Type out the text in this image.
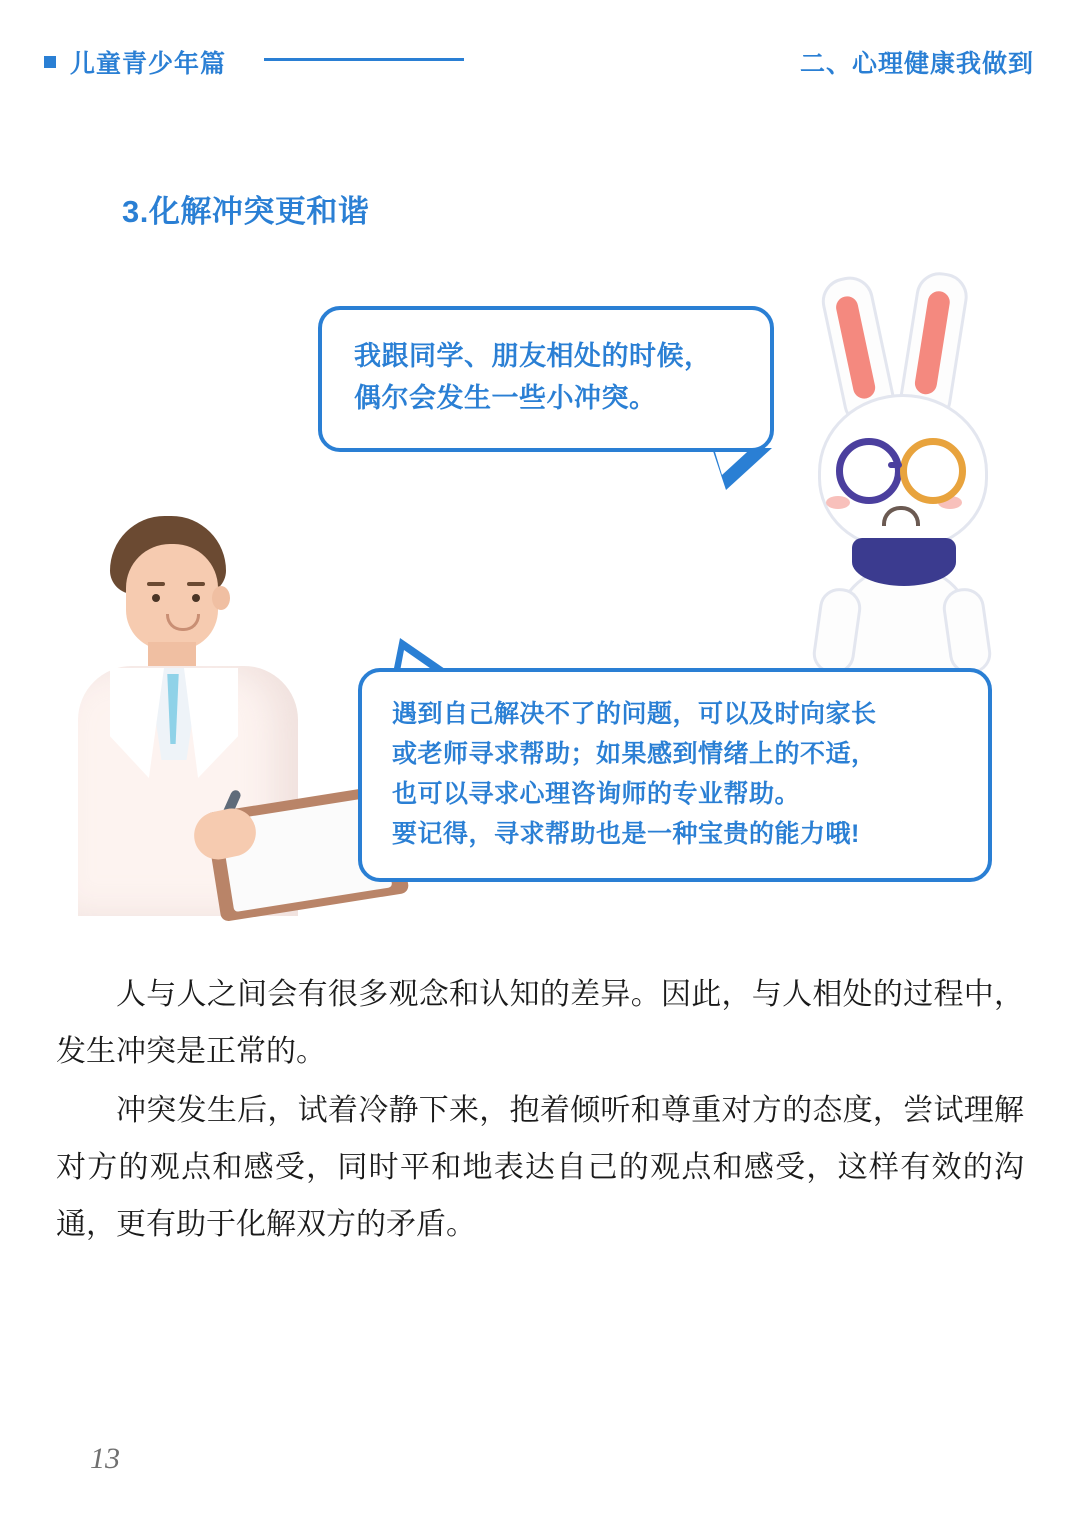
儿童青少年篇	二、心理健康我做到
3.化解冲突更和谐
我跟同学、朋友相处的时候，
偶尔会发生一些小冲突。
遇到自己解决不了的问题，可以及时向家长
或老师寻求帮助；如果感到情绪上的不适，
也可以寻求心理咨询师的专业帮助。
要记得，寻求帮助也是一种宝贵的能力哦!

人与人之间会有很多观念和认知的差异。因此，与人相处的过程中，发生冲突是正常的。

冲突发生后，试着冷静下来，抱着倾听和尊重对方的态度，尝试理解对方的观点和感受，同时平和地表达自己的观点和感受，这样有效的沟通，更有助于化解双方的矛盾。

13
